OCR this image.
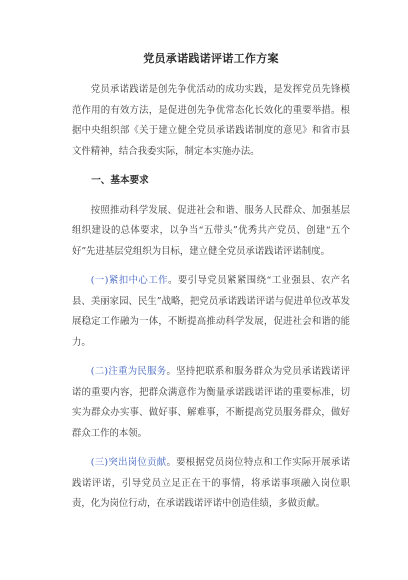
党员承诺践诺评诺工作方案

党员承诺践诺是创先争优活动的成功实践，是发挥党员先锋模范作用的有效方法，是促进创先争优常态化长效化的重要举措。根据中央组织部《关于建立健全党员承诺践诺制度的意见》和省市县文件精神，结合我委实际，制定本实施办法。

一、基本要求

按照推动科学发展、促进社会和谐、服务人民群众、加强基层组织建设的总体要求，以争当“五带头”优秀共产党员、创建“五个好”先进基层党组织为目标，建立健全党员承诺践诺评诺制度。

(一)紧扣中心工作。要引导党员紧紧围绕“工业强县、农产名县、美丽家园、民生”战略，把党员承诺践诺评诺与促进单位改革发展稳定工作融为一体，不断提高推动科学发展，促进社会和谐的能力。

(二)注重为民服务。坚持把联系和服务群众为党员承诺践诺评诺的重要内容，把群众满意作为衡量承诺践诺评诺的重要标准，切实为群众办实事、做好事、解难事，不断提高党员服务群众，做好群众工作的本领。

(三)突出岗位贡献。要根据党员岗位特点和工作实际开展承诺践诺评诺，引导党员立足正在干的事情，将承诺事项融入岗位职责，化为岗位行动，在承诺践诺评诺中创造佳绩，多做贡献。
